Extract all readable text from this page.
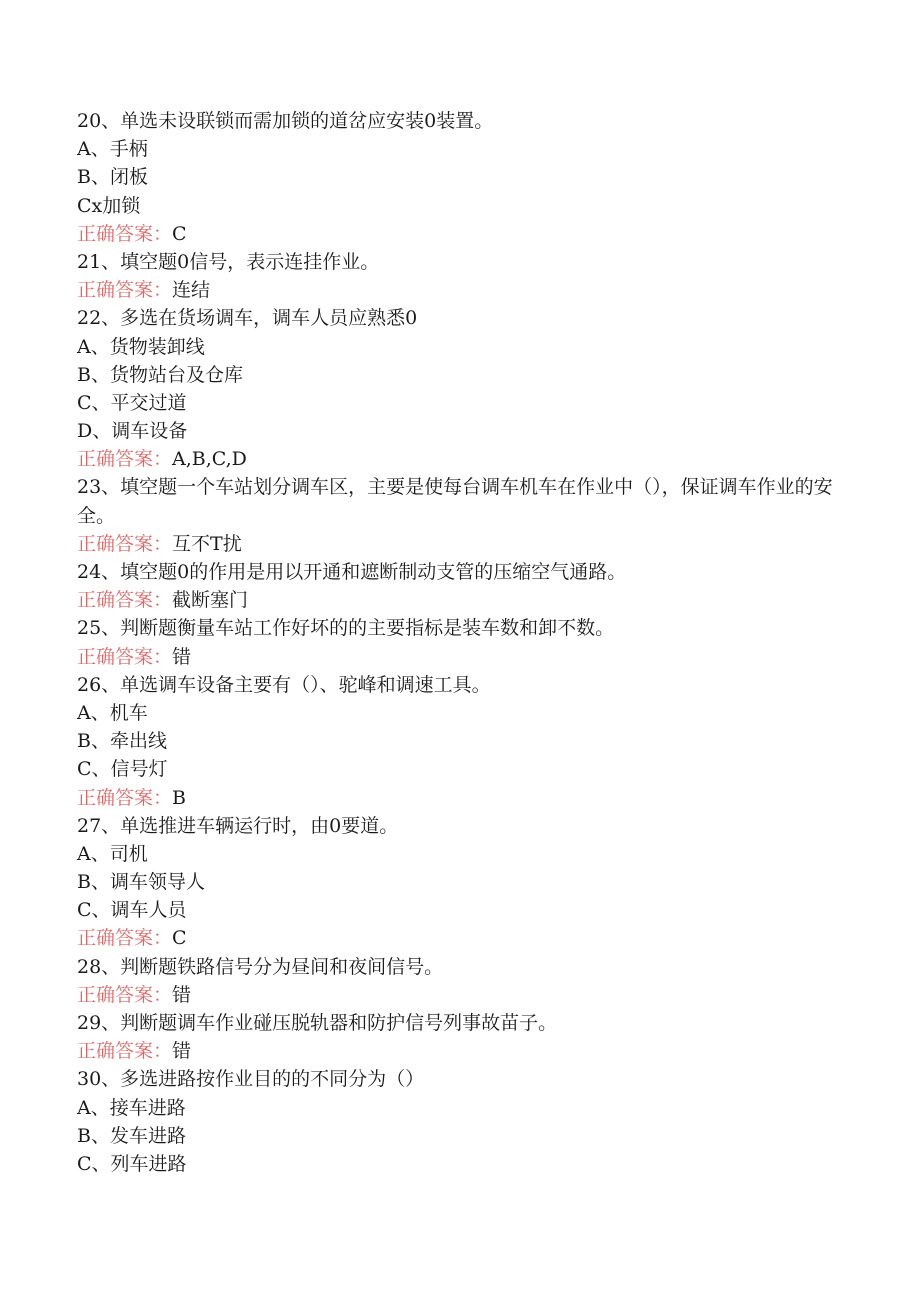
20、单选未设联锁而需加锁的道岔应安装0装置。
A、手柄
B、闭板
Cx加锁
正确答案：C
21、填空题0信号，表示连挂作业。
正确答案：连结
22、多选在货场调车，调车人员应熟悉0
A、货物装卸线
B、货物站台及仓库
C、平交过道
D、调车设备
正确答案：A,B,C,D
23、填空题一个车站划分调车区，主要是使每台调车机车在作业中（），保证调车作业的安全。
正确答案：互不T扰
24、填空题0的作用是用以开通和遮断制动支管的压缩空气通路。
正确答案：截断塞门
25、判断题衡量车站工作好坏的的主要指标是装车数和卸不数。
正确答案：错
26、单选调车设备主要有（）、驼峰和调速工具。
A、机车
B、牵出线
C、信号灯
正确答案：B
27、单选推进车辆运行时，由0要道。
A、司机
B、调车领导人
C、调车人员
正确答案：C
28、判断题铁路信号分为昼间和夜间信号。
正确答案：错
29、判断题调车作业碰压脱轨器和防护信号列事故苗子。
正确答案：错
30、多选进路按作业目的的不同分为（）
A、接车进路
B、发车进路
C、列车进路
